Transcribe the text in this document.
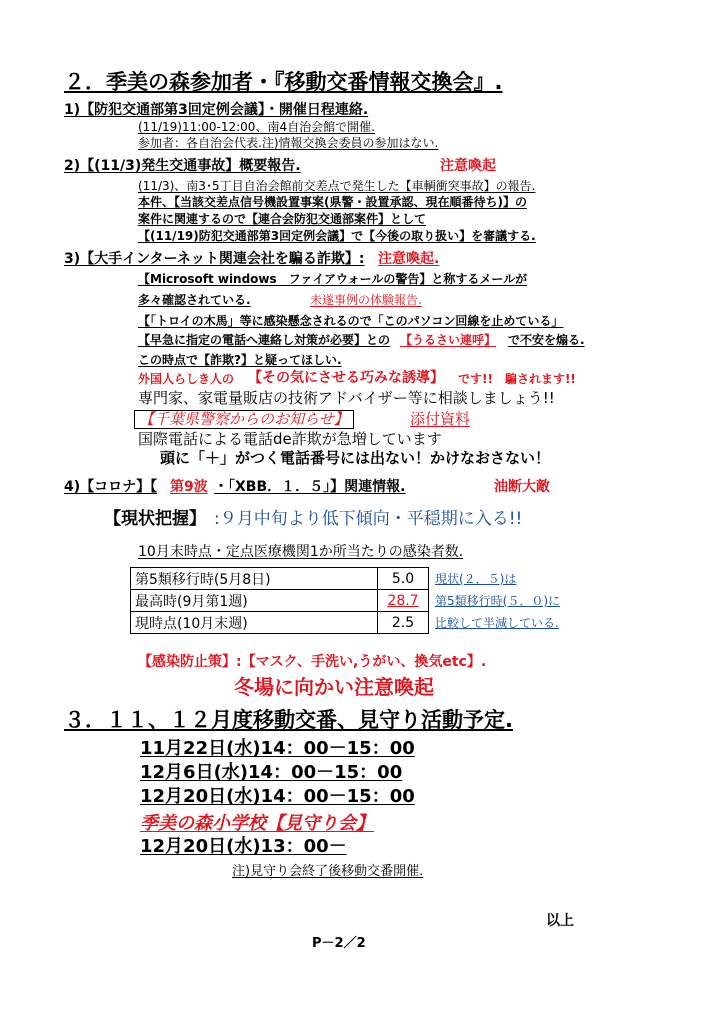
２．季美の森参加者・『移動交番情報交換会』.
1)【防犯交通部第3回定例会議】・開催日程連絡.
(11/19)11:00-12:00、南4自治会館で開催.
参加者：各自治会代表.注)情報交換会委員の参加はない.
2)【(11/3)発生交通事故】概要報告.	注意喚起
(11/3)、南3･5丁目自治会館前交差点で発生した【車輌衝突事故】の報告.
本件、【当該交差点信号機設置事案(県警・設置承認、現在順番待ち)】の
案件に関連するので【連合会防犯交通部案件】として
【(11/19)防犯交通部第3回定例会議】で【今後の取り扱い】を審議する.
3)【大手インターネット関連会社を騙る詐欺】: 注意喚起.
【Microsoft windows　ファイアウォールの警告】と称するメールが
多々確認されている.	未遂事例の体験報告.
【「トロイの木馬」等に感染懸念されるので「このパソコン回線を止めている」
【早急に指定の電話へ連絡し対策が必要】との 【うるさい連呼】 で不安を煽る.
この時点で【詐欺?】と疑ってほしい.
外国人らしき人の 【その気にさせる巧みな誘導】 です!!　騙されます!!
専門家、家電量販店の技術アドバイザー等に相談しましょう!!
【千葉県警察からのお知らせ】	添付資料
国際電話による電話de詐欺が急増しています
頭に「＋」がつく電話番号には出ない！かけなおさない！
4)【コロナ】【 第9波 ・「XBB．１．５」】関連情報.	油断大敵
【現状把握】 :９月中旬より低下傾向・平穏期に入る!!
10月末時点・定点医療機関1か所当たりの感染者数.
第5類移行時(5月8日)	5.0	現状(２．５)は
最高時(9月第1週)	28.7	第5類移行時(５．０)に
現時点(10月末週)	2.5	比較して半減している.
【感染防止策】:【マスク、手洗い,うがい、換気etc】.
冬場に向かい注意喚起
３．１１、１２月度移動交番、見守り活動予定.
11月22日(水)14：00－15：00
12月6日(水)14：00－15：00
12月20日(水)14：00－15：00
季美の森小学校【見守り会】
12月20日(水)13：00－
注)見守り会終了後移動交番開催.
以上
P－2／2
